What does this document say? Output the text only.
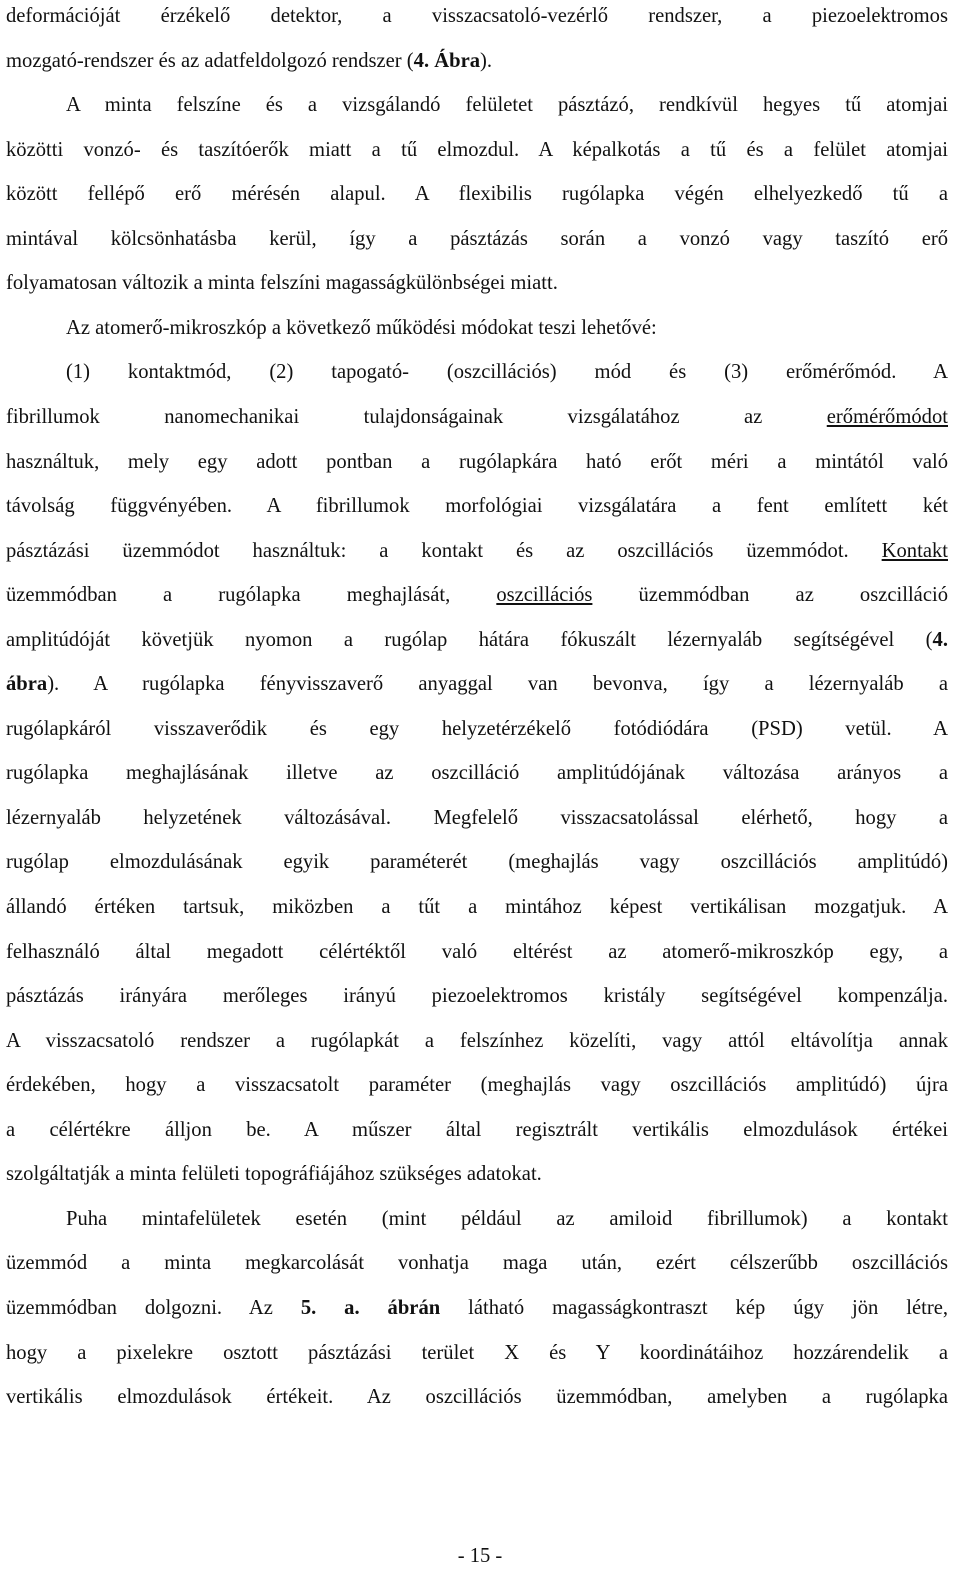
deformációját érzékelő detektor, a visszacsatoló-vezérlő rendszer, a piezoelektromos
mozgató-rendszer és az adatfeldolgozó rendszer (4. Ábra).
A minta felszíne és a vizsgálandó felületet pásztázó, rendkívül hegyes tű atomjai
közötti vonzó- és taszítóerők miatt a tű elmozdul. A képalkotás a tű és a felület atomjai
között fellépő erő mérésén alapul. A flexibilis rugólapka végén elhelyezkedő tű a
mintával kölcsönhatásba kerül, így a pásztázás során a vonzó vagy taszító erő
folyamatosan változik a minta felszíni magasságkülönbségei miatt.
Az atomerő-mikroszkóp a következő működési módokat teszi lehetővé:
(1) kontaktmód, (2) tapogató- (oszcillációs) mód és (3) erőmérőmód. A
fibrillumok nanomechanikai tulajdonságainak vizsgálatához az erőmérőmódot
használtuk, mely egy adott pontban a rugólapkára ható erőt méri a mintától való
távolság függvényében. A fibrillumok morfológiai vizsgálatára a fent említett két
pásztázási üzemmódot használtuk: a kontakt és az oszcillációs üzemmódot. Kontakt
üzemmódban a rugólapka meghajlását, oszcillációs üzemmódban az oszcilláció
amplitúdóját követjük nyomon a rugólap hátára fókuszált lézernyaláb segítségével (4.
ábra). A rugólapka fényvisszaverő anyaggal van bevonva, így a lézernyaláb a
rugólapkáról visszaverődik és egy helyzetérzékelő fotódiódára (PSD) vetül. A
rugólapka meghajlásának illetve az oszcilláció amplitúdójának változása arányos a
lézernyaláb helyzetének változásával. Megfelelő visszacsatolással elérhető, hogy a
rugólap elmozdulásának egyik paraméterét (meghajlás vagy oszcillációs amplitúdó)
állandó értéken tartsuk, miközben a tűt a mintához képest vertikálisan mozgatjuk. A
felhasználó által megadott célértéktől való eltérést az atomerő-mikroszkóp egy, a
pásztázás irányára merőleges irányú piezoelektromos kristály segítségével kompenzálja.
A visszacsatoló rendszer a rugólapkát a felszínhez közelíti, vagy attól eltávolítja annak
érdekében, hogy a visszacsatolt paraméter (meghajlás vagy oszcillációs amplitúdó) újra
a célértékre álljon be. A műszer által regisztrált vertikális elmozdulások értékei
szolgáltatják a minta felületi topográfiájához szükséges adatokat.
Puha mintafelületek esetén (mint például az amiloid fibrillumok) a kontakt
üzemmód a minta megkarcolását vonhatja maga után, ezért célszerűbb oszcillációs
üzemmódban dolgozni. Az 5. a. ábrán látható magasságkontraszt kép úgy jön létre,
hogy a pixelekre osztott pásztázási terület X és Y koordinátáihoz hozzárendelik a
vertikális elmozdulások értékeit. Az oszcillációs üzemmódban, amelyben a rugólapka
- 15 -
